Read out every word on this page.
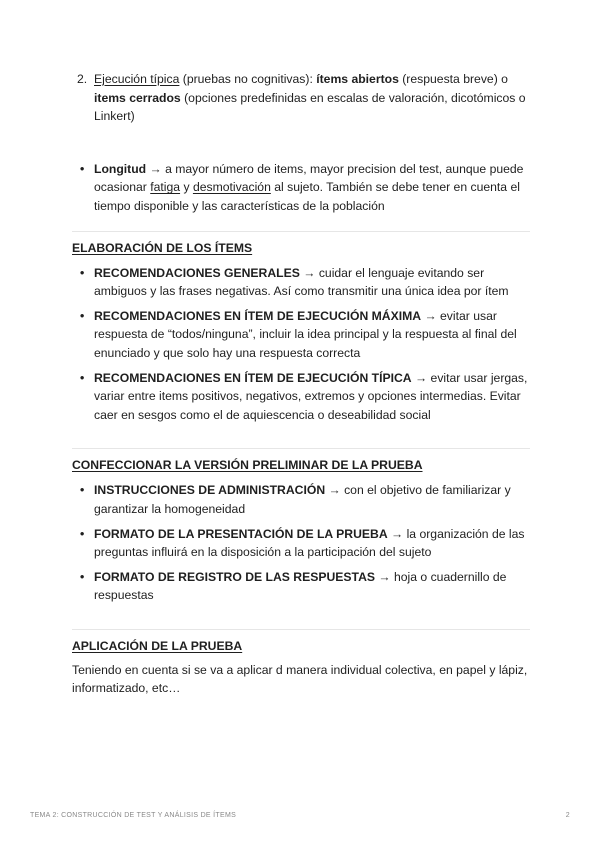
2. Ejecución típica (pruebas no cognitivas): ítems abiertos (respuesta breve) o items cerrados (opciones predefinidas en escalas de valoración, dicotómicos o Linkert)
• Longitud → a mayor número de items, mayor precision del test, aunque puede ocasionar fatiga y desmotivación al sujeto. También se debe tener en cuenta el tiempo disponible y las características de la población
ELABORACIÓN DE LOS ÍTEMS
• RECOMENDACIONES GENERALES → cuidar el lenguaje evitando ser ambiguos y las frases negativas. Así como transmitir una única idea por ítem
• RECOMENDACIONES EN ÍTEM DE EJECUCIÓN MÁXIMA → evitar usar respuesta de “todos/ninguna”, incluir la idea principal y la respuesta al final del enunciado y que solo hay una respuesta correcta
• RECOMENDACIONES EN ÍTEM DE EJECUCIÓN TÍPICA → evitar usar jergas, variar entre items positivos, negativos, extremos y opciones intermedias. Evitar caer en sesgos como el de aquiescencia o deseabilidad social
CONFECCIONAR LA VERSIÓN PRELIMINAR DE LA PRUEBA
• INSTRUCCIONES DE ADMINISTRACIÓN → con el objetivo de familiarizar y garantizar la homogeneidad
• FORMATO DE LA PRESENTACIÓN DE LA PRUEBA → la organización de las preguntas influirá en la disposición a la participación del sujeto
• FORMATO DE REGISTRO DE LAS RESPUESTAS → hoja o cuadernillo de respuestas
APLICACIÓN DE LA PRUEBA

Teniendo en cuenta si se va a aplicar d manera individual colectiva, en papel y lápiz, informatizado, etc…

TEMA 2: CONSTRUCCIÓN DE TEST Y ANÁLISIS DE ÍTEMS	2
